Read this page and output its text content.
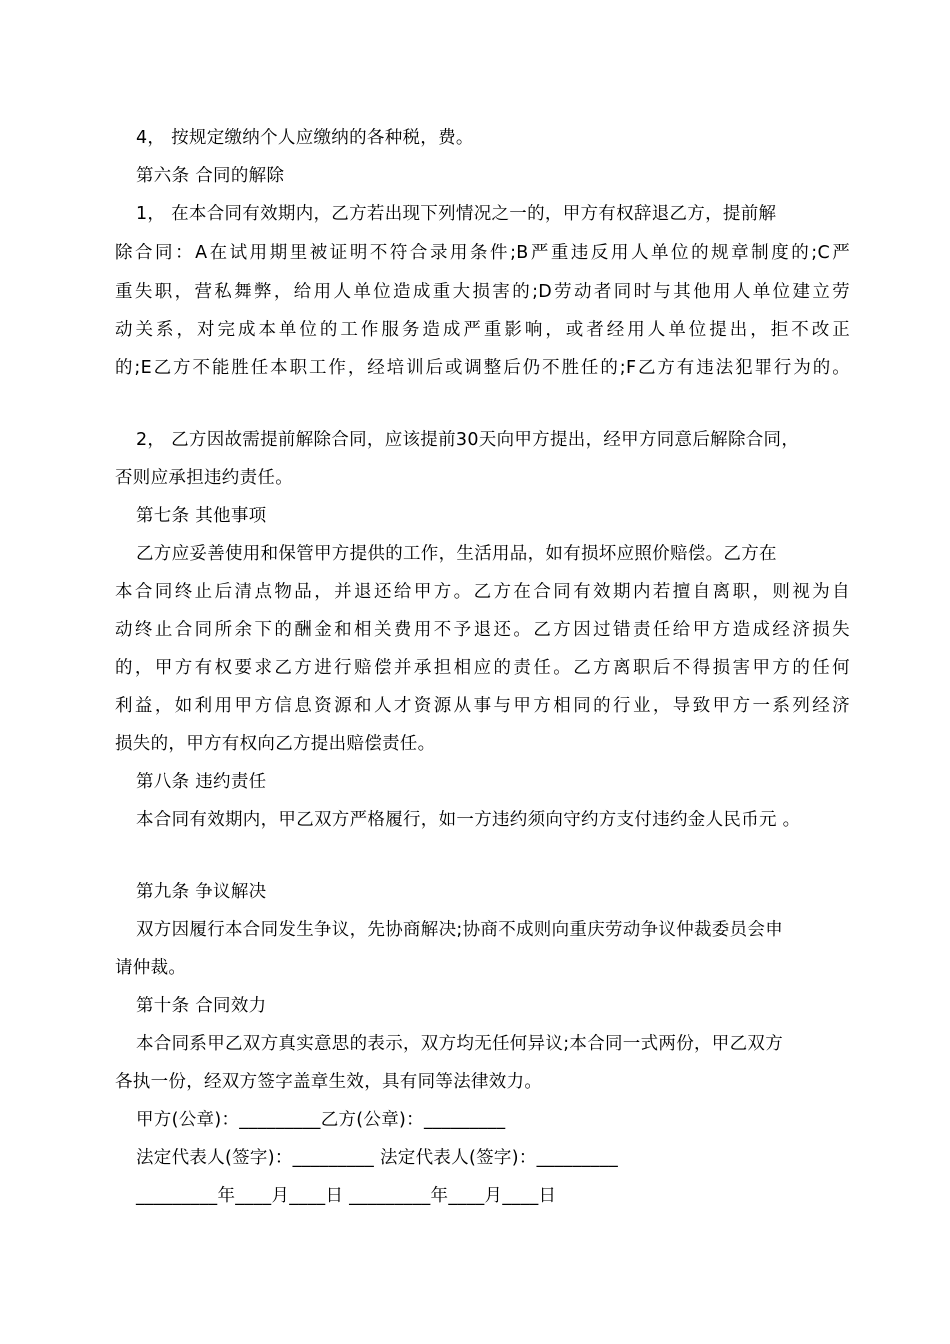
4， 按规定缴纳个人应缴纳的各种税，费。
第六条 合同的解除
1， 在本合同有效期内，乙方若出现下列情况之一的，甲方有权辞退乙方，提前解
除合同：A在试用期里被证明不符合录用条件;B严重违反用人单位的规章制度的;C严
重失职，营私舞弊，给用人单位造成重大损害的;D劳动者同时与其他用人单位建立劳
动关系，对完成本单位的工作服务造成严重影响，或者经用人单位提出，拒不改正
的;E乙方不能胜任本职工作，经培训后或调整后仍不胜任的;F乙方有违法犯罪行为的。
2， 乙方因故需提前解除合同，应该提前30天向甲方提出，经甲方同意后解除合同，
否则应承担违约责任。
第七条 其他事项
乙方应妥善使用和保管甲方提供的工作，生活用品，如有损坏应照价赔偿。乙方在
本合同终止后清点物品，并退还给甲方。乙方在合同有效期内若擅自离职，则视为自
动终止合同所余下的酬金和相关费用不予退还。乙方因过错责任给甲方造成经济损失
的，甲方有权要求乙方进行赔偿并承担相应的责任。乙方离职后不得损害甲方的任何
利益，如利用甲方信息资源和人才资源从事与甲方相同的行业，导致甲方一系列经济
损失的，甲方有权向乙方提出赔偿责任。
第八条 违约责任
本合同有效期内，甲乙双方严格履行，如一方违约须向守约方支付违约金人民币元 。
第九条 争议解决
双方因履行本合同发生争议，先协商解决;协商不成则向重庆劳动争议仲裁委员会申
请仲裁。
第十条 合同效力
本合同系甲乙双方真实意思的表示，双方均无任何异议;本合同一式两份，甲乙双方
各执一份，经双方签字盖章生效，具有同等法律效力。
甲方(公章)：_________乙方(公章)：_________
法定代表人(签字)：_________ 法定代表人(签字)：_________
_________年____月____日 _________年____月____日
